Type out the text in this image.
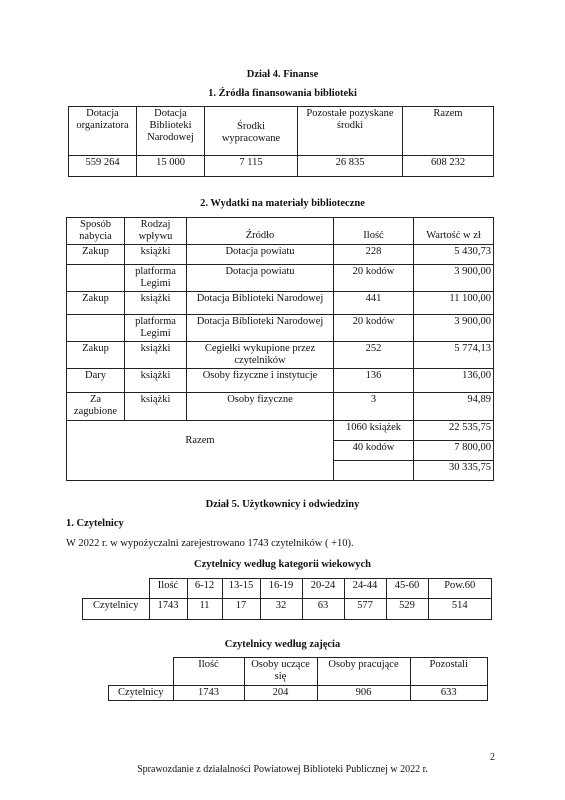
Dział 4. Finanse
1. Źródła finansowania biblioteki
Dotacja organizatora	Dotacja Biblioteki Narodowej	Środki wypracowane	Pozostałe pozyskane środki	Razem
559 264	15 000	7 115	26 835	608 232
2. Wydatki na materiały biblioteczne
Sposób nabycia	Rodzaj wpływu	Źródło	Ilość	Wartość w zł
Zakup	książki	Dotacja powiatu	228	5 430,73
	platforma Legimi	Dotacja powiatu	20 kodów	3 900,00
Zakup	książki	Dotacja Biblioteki Narodowej	441	11 100,00
	platforma Legimi	Dotacja Biblioteki Narodowej	20 kodów	3 900,00
Zakup	książki	Cegiełki wykupione przez czytelników	252	5 774,13
Dary	książki	Osoby fizyczne i instytucje	136	136,00
Za zagubione	książki	Osoby fizyczne	3	94,89
Razem			1060 książek	22 535,75
			40 kodów	7 800,00
				30 335,75
Dział 5. Użytkownicy i odwiedziny
1. Czytelnicy
W 2022 r. w wypożyczalni zarejestrowano 1743 czytelników ( +10).
Czytelnicy według kategorii wiekowych
	Ilość	6-12	13-15	16-19	20-24	24-44	45-60	Pow.60
Czytelnicy	1743	11	17	32	63	577	529	514
Czytelnicy według zajęcia
	Ilość	Osoby uczące się	Osoby pracujące	Pozostali
Czytelnicy	1743	204	906	633
2
Sprawozdanie z działalności Powiatowej Biblioteki Publicznej w 2022 r.
